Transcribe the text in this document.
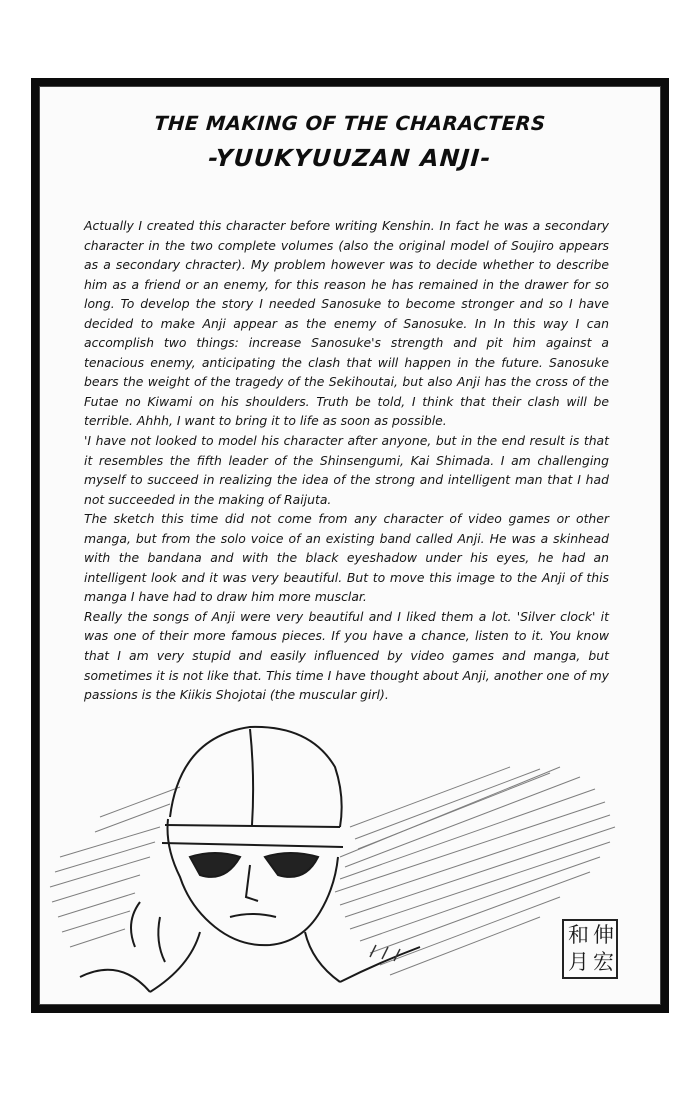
THE MAKING OF THE CHARACTERS
-YUUKYUUZAN ANJI-

Actually I created this character before writing Kenshin. In fact he was a secondary character in the two complete volumes (also the original model of Soujiro appears as a secondary chracter). My problem however was to decide whether to describe him as a friend or an enemy, for this reason he has remained in the drawer for so long. To develop the story I needed Sanosuke to become stronger and so I have decided to make Anji appear as the enemy of Sanosuke. In In this way I can accomplish two things: increase Sanosuke's strength and pit him against a tenacious enemy, anticipating the clash that will happen in the future. Sanosuke bears the weight of the tragedy of the Sekihoutai, but also Anji has the cross of the Futae no Kiwami on his shoulders. Truth be told, I think that their clash will be terrible. Ahhh, I want to bring it to life as soon as possible.

'I have not looked to model his character after anyone, but in the end result is that it resembles the fifth leader of the Shinsengumi, Kai Shimada. I am challenging myself to succeed in realizing the idea of the strong and intelligent man that I had not succeeded in the making of Raijuta.

The sketch this time did not come from any character of video games or other manga, but from the solo voice of an existing band called Anji. He was a skinhead with the bandana and with the black eyeshadow under his eyes, he had an intelligent look and it was very beautiful. But to move this image to the Anji of this manga I have had to draw him more musclar.

Really the songs of Anji were very beautiful and I liked them a lot. 'Silver clock' it was one of their more famous pieces. If you have a chance, listen to it. You know that I am very stupid and easily influenced by video games and manga, but sometimes it is not like that. This time I have thought about Anji, another one of my passions is the Kiikis Shojotai (the muscular girl).

伸
宏
和
月
